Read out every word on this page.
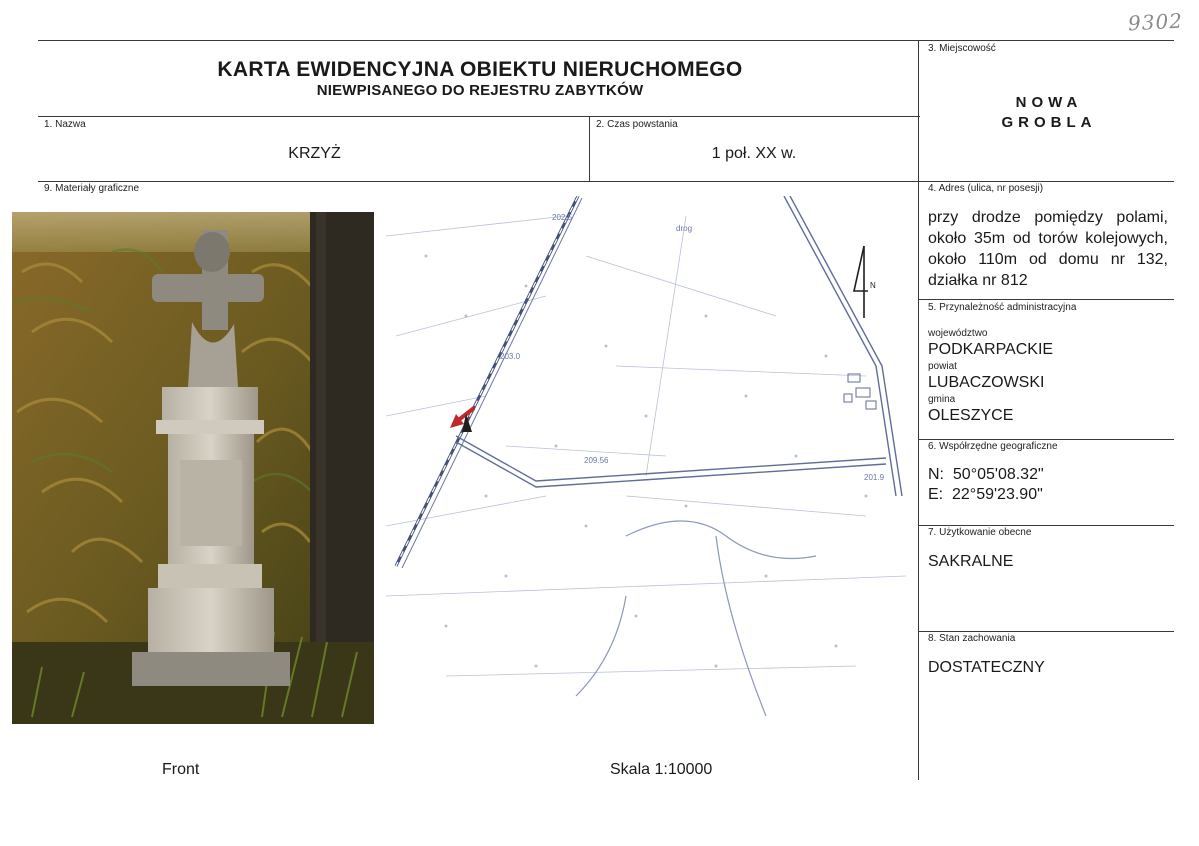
9302
KARTA EWIDENCYJNA OBIEKTU NIERUCHOMEGO
NIEWPISANEGO DO REJESTRU ZABYTKÓW
3. Miejscowość
NOWA
GROBLA
1. Nazwa
KRZYŻ
2. Czas powstania
1 poł. XX w.
9. Materiały graficzne	4. Adres (ulica, nr posesji)
przy drodze pomiędzy polami, około 35m od torów kolejowych, około 110m od domu nr 132, działka nr 812
5. Przynależność administracyjna
województwo
PODKARPACKIE
powiat
LUBACZOWSKI
gmina
OLESZYCE
6. Współrzędne geograficzne
N:  50°05'08.32"
E:  22°59'23.90"
7. Użytkowanie obecne
SAKRALNE
8. Stan zachowania
DOSTATECZNY
N
202.5
203.0
209.56
201.9
drog
Front	Skala 1:10000
